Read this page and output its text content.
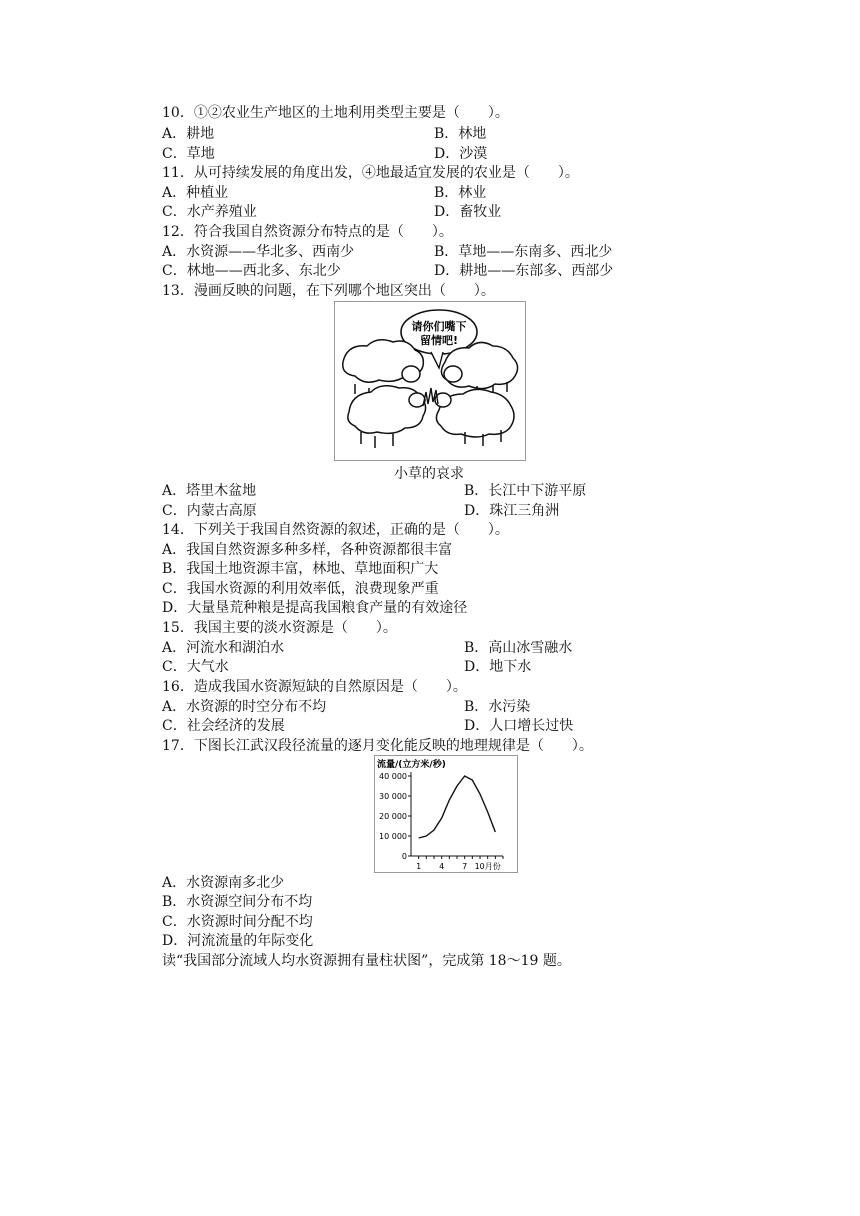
10．①②农业生产地区的土地利用类型主要是（　　）。
A．耕地	B．林地
C．草地	D．沙漠
11．从可持续发展的角度出发，④地最适宜发展的农业是（　　）。
A．种植业	B．林业
C．水产养殖业	D．畜牧业
12．符合我国自然资源分布特点的是（　　）。
A．水资源——华北多、西南少	B．草地——东南多、西北少
C．林地——西北多、东北少	D．耕地——东部多、西部少
13．漫画反映的问题，在下列哪个地区突出（　　）。
请你们嘴下
留情吧!
小草的哀求
A．塔里木盆地	B．长江中下游平原
C．内蒙古高原	D．珠江三角洲
14．下列关于我国自然资源的叙述，正确的是（　　）。
A．我国自然资源多种多样，各种资源都很丰富
B．我国土地资源丰富，林地、草地面积广大
C．我国水资源的利用效率低，浪费现象严重
D．大量垦荒种粮是提高我国粮食产量的有效途径
15．我国主要的淡水资源是（　　）。
A．河流水和湖泊水	B．高山冰雪融水
C．大气水	D．地下水
16．造成我国水资源短缺的自然原因是（　　）。
A．水资源的时空分布不均	B．水污染
C．社会经济的发展	D．人口增长过快
17．下图长江武汉段径流量的逐月变化能反映的地理规律是（　　）。
流量/(立方米/秒)
0
10 000
20 000
30 000
40 000
1 4 7 10月份
A．水资源南多北少
B．水资源空间分布不均
C．水资源时间分配不均
D．河流流量的年际变化
读“我国部分流域人均水资源拥有量柱状图”，完成第 18～19 题。
